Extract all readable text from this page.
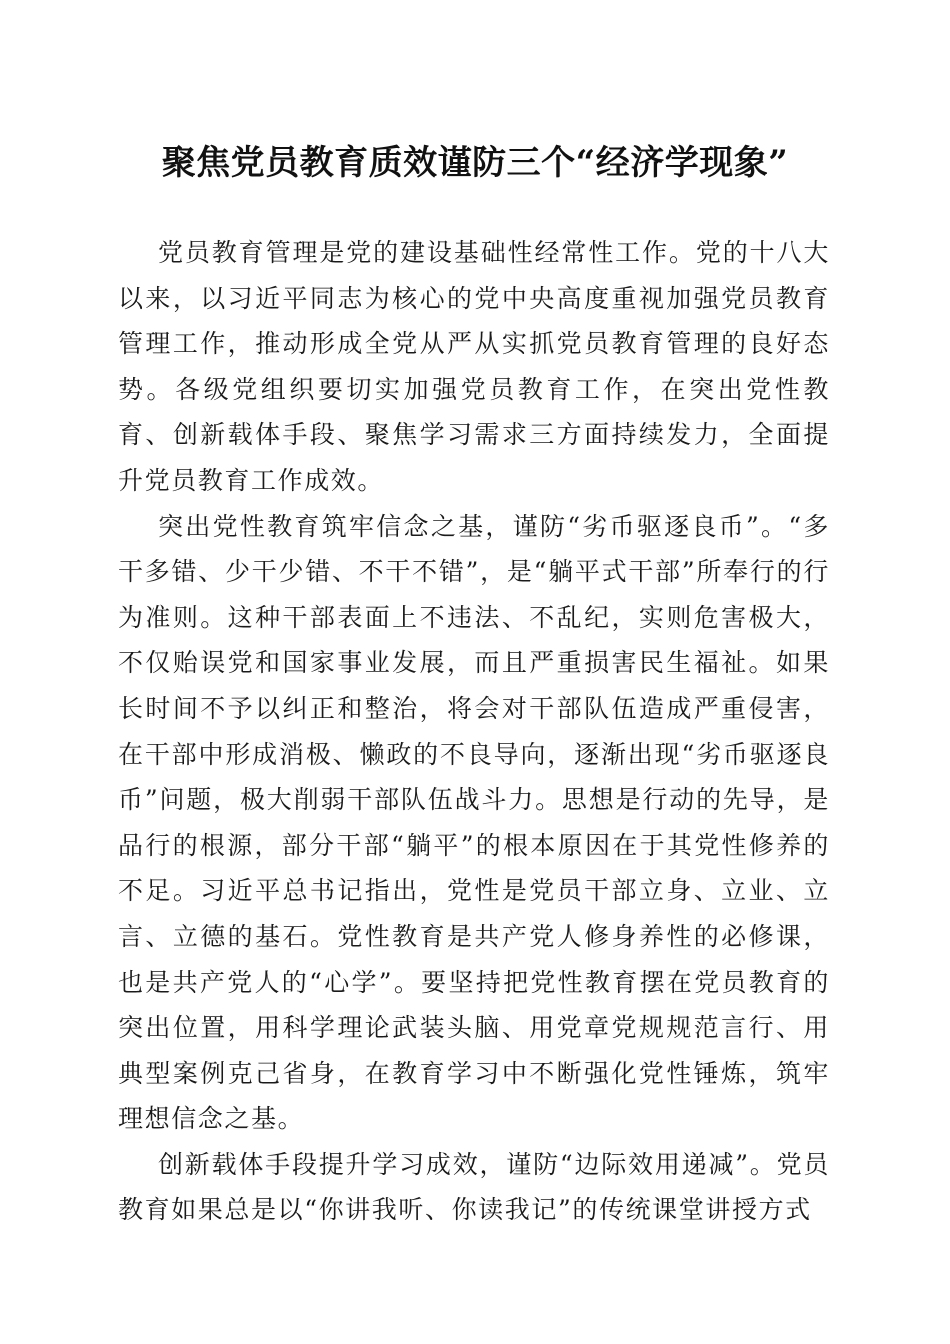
聚焦党员教育质效谨防三个“经济学现象”

党员教育管理是党的建设基础性经常性工作。党的十八大以来，以习近平同志为核心的党中央高度重视加强党员教育管理工作，推动形成全党从严从实抓党员教育管理的良好态势。各级党组织要切实加强党员教育工作，在突出党性教育、创新载体手段、聚焦学习需求三方面持续发力，全面提升党员教育工作成效。

突出党性教育筑牢信念之基，谨防“劣币驱逐良币”。“多干多错、少干少错、不干不错”，是“躺平式干部”所奉行的行为准则。这种干部表面上不违法、不乱纪，实则危害极大，不仅贻误党和国家事业发展，而且严重损害民生福祉。如果长时间不予以纠正和整治，将会对干部队伍造成严重侵害，在干部中形成消极、懒政的不良导向，逐渐出现“劣币驱逐良币”问题，极大削弱干部队伍战斗力。思想是行动的先导，是品行的根源，部分干部“躺平”的根本原因在于其党性修养的不足。习近平总书记指出，党性是党员干部立身、立业、立言、立德的基石。党性教育是共产党人修身养性的必修课，也是共产党人的“心学”。要坚持把党性教育摆在党员教育的突出位置，用科学理论武装头脑、用党章党规规范言行、用典型案例克己省身，在教育学习中不断强化党性锤炼，筑牢理想信念之基。

创新载体手段提升学习成效，谨防“边际效用递减”。党员教育如果总是以“你讲我听、你读我记”的传统课堂讲授方式
